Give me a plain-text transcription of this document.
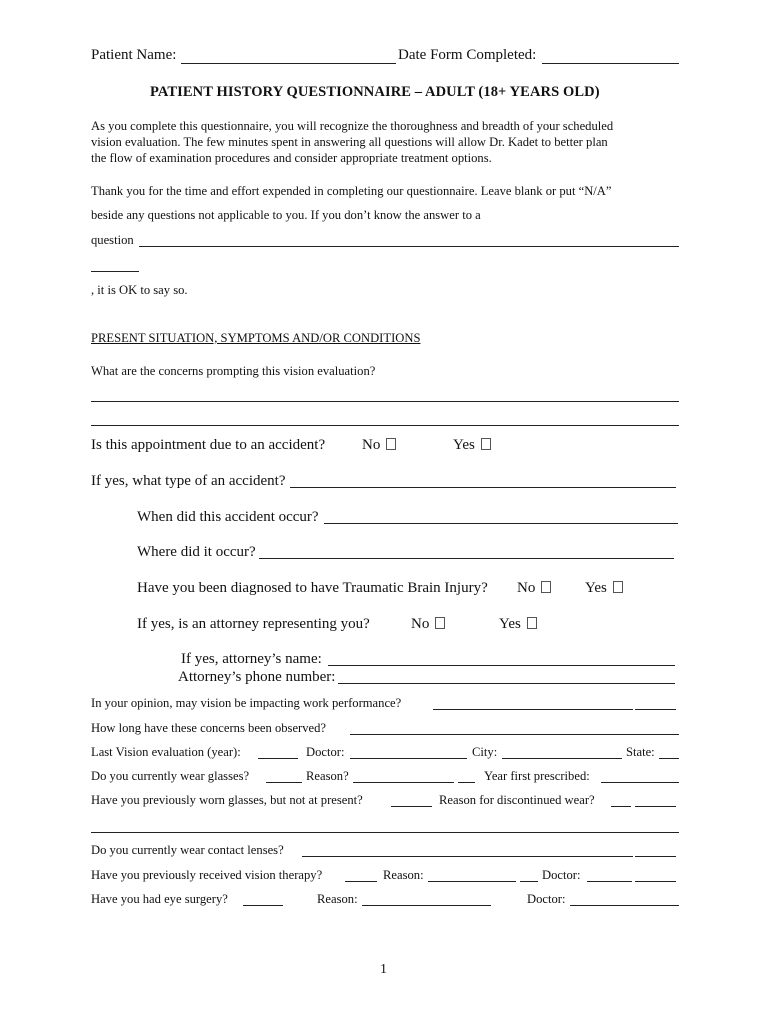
Patient Name:	Date Form Completed:
PATIENT HISTORY QUESTIONNAIRE – ADULT (18+ YEARS OLD)
As you complete this questionnaire, you will recognize the thoroughness and breadth of your scheduled
vision evaluation. The few minutes spent in answering all questions will allow Dr. Kadet to better plan
the flow of examination procedures and consider appropriate treatment options.
Thank you for the time and effort expended in completing our questionnaire. Leave blank or put “N/A”
beside any questions not applicable to you. If you don’t know the answer to a
question
, it is OK to say so.
PRESENT SITUATION, SYMPTOMS AND/OR CONDITIONS
What are the concerns prompting this vision evaluation?
Is this appointment due to an accident? No	Yes
If yes, what type of an accident?
When did this accident occur?
Where did it occur?
Have you been diagnosed to have Traumatic Brain Injury? No	Yes
If yes, is an attorney representing you?	No	Yes
If yes, attorney’s name:
Attorney’s phone number:
In your opinion, may vision be impacting work performance?
How long have these concerns been observed?
Last Vision evaluation (year):	Doctor:	City:	State:
Do you currently wear glasses?	Reason?	Year first prescribed:
Have you previously worn glasses, but not at present?	Reason for discontinued wear?
Do you currently wear contact lenses?
Have you previously received vision therapy?	Reason:	Doctor:
Have you had eye surgery?	Reason:	Doctor:
1
